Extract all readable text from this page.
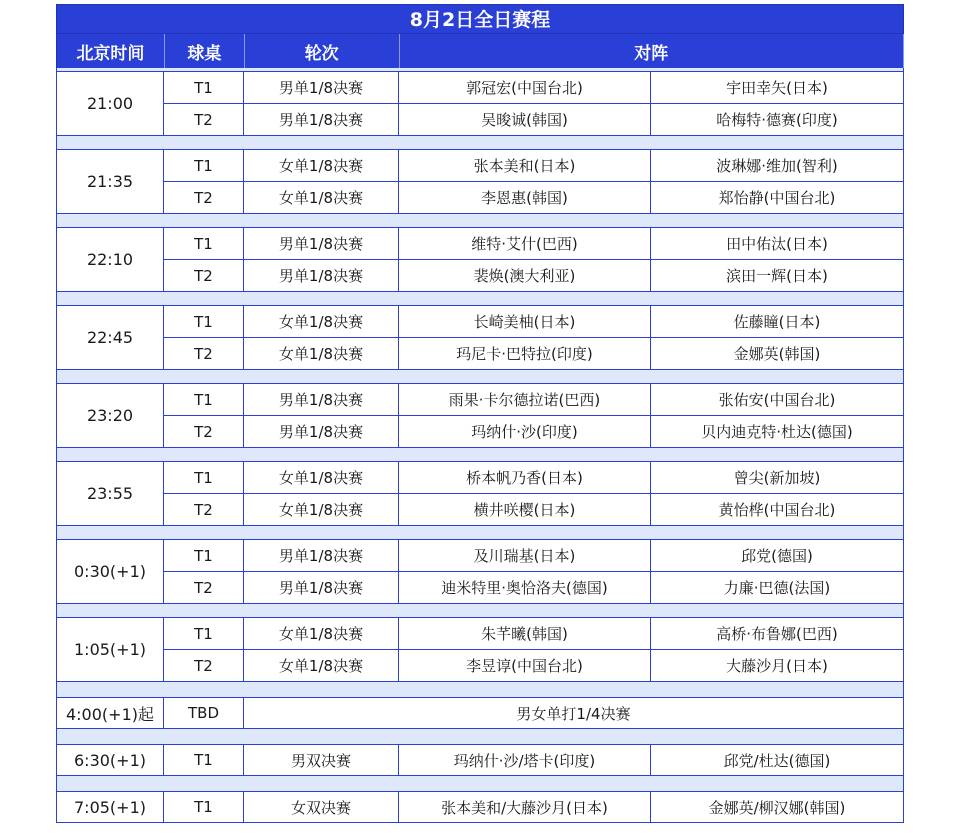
8月2日全日赛程
北京时间	球桌	轮次	对阵
21:00
T1	男单1/8决赛	郭冠宏(中国台北)	宇田幸矢(日本)
T2	男单1/8决赛	吴晙诚(韩国)	哈梅特·德赛(印度)
21:35
T1	女单1/8决赛	张本美和(日本)	波琳娜·维加(智利)
T2	女单1/8决赛	李恩惠(韩国)	郑怡静(中国台北)
22:10
T1	男单1/8决赛	维特·艾什(巴西)	田中佑汰(日本)
T2	男单1/8决赛	裴焕(澳大利亚)	滨田一辉(日本)
22:45
T1	女单1/8决赛	长崎美柚(日本)	佐藤瞳(日本)
T2	女单1/8决赛	玛尼卡·巴特拉(印度)	金娜英(韩国)
23:20
T1	男单1/8决赛	雨果·卡尔德拉诺(巴西)	张佑安(中国台北)
T2	男单1/8决赛	玛纳什·沙(印度)	贝内迪克特·杜达(德国)
23:55
T1	女单1/8决赛	桥本帆乃香(日本)	曾尖(新加坡)
T2	女单1/8决赛	横井咲樱(日本)	黄怡桦(中国台北)
0:30(+1)
T1	男单1/8决赛	及川瑞基(日本)	邱党(德国)
T2	男单1/8决赛	迪米特里·奥恰洛夫(德国)	力廉·巴德(法国)
1:05(+1)
T1	女单1/8决赛	朱芊曦(韩国)	高桥·布鲁娜(巴西)
T2	女单1/8决赛	李昱谆(中国台北)	大藤沙月(日本)
4:00(+1)起	TBD	男女单打1/4决赛
6:30(+1)	T1	男双决赛	玛纳什·沙/塔卡(印度)	邱党/杜达(德国)
7:05(+1)	T1	女双决赛	张本美和/大藤沙月(日本)	金娜英/柳汉娜(韩国)
